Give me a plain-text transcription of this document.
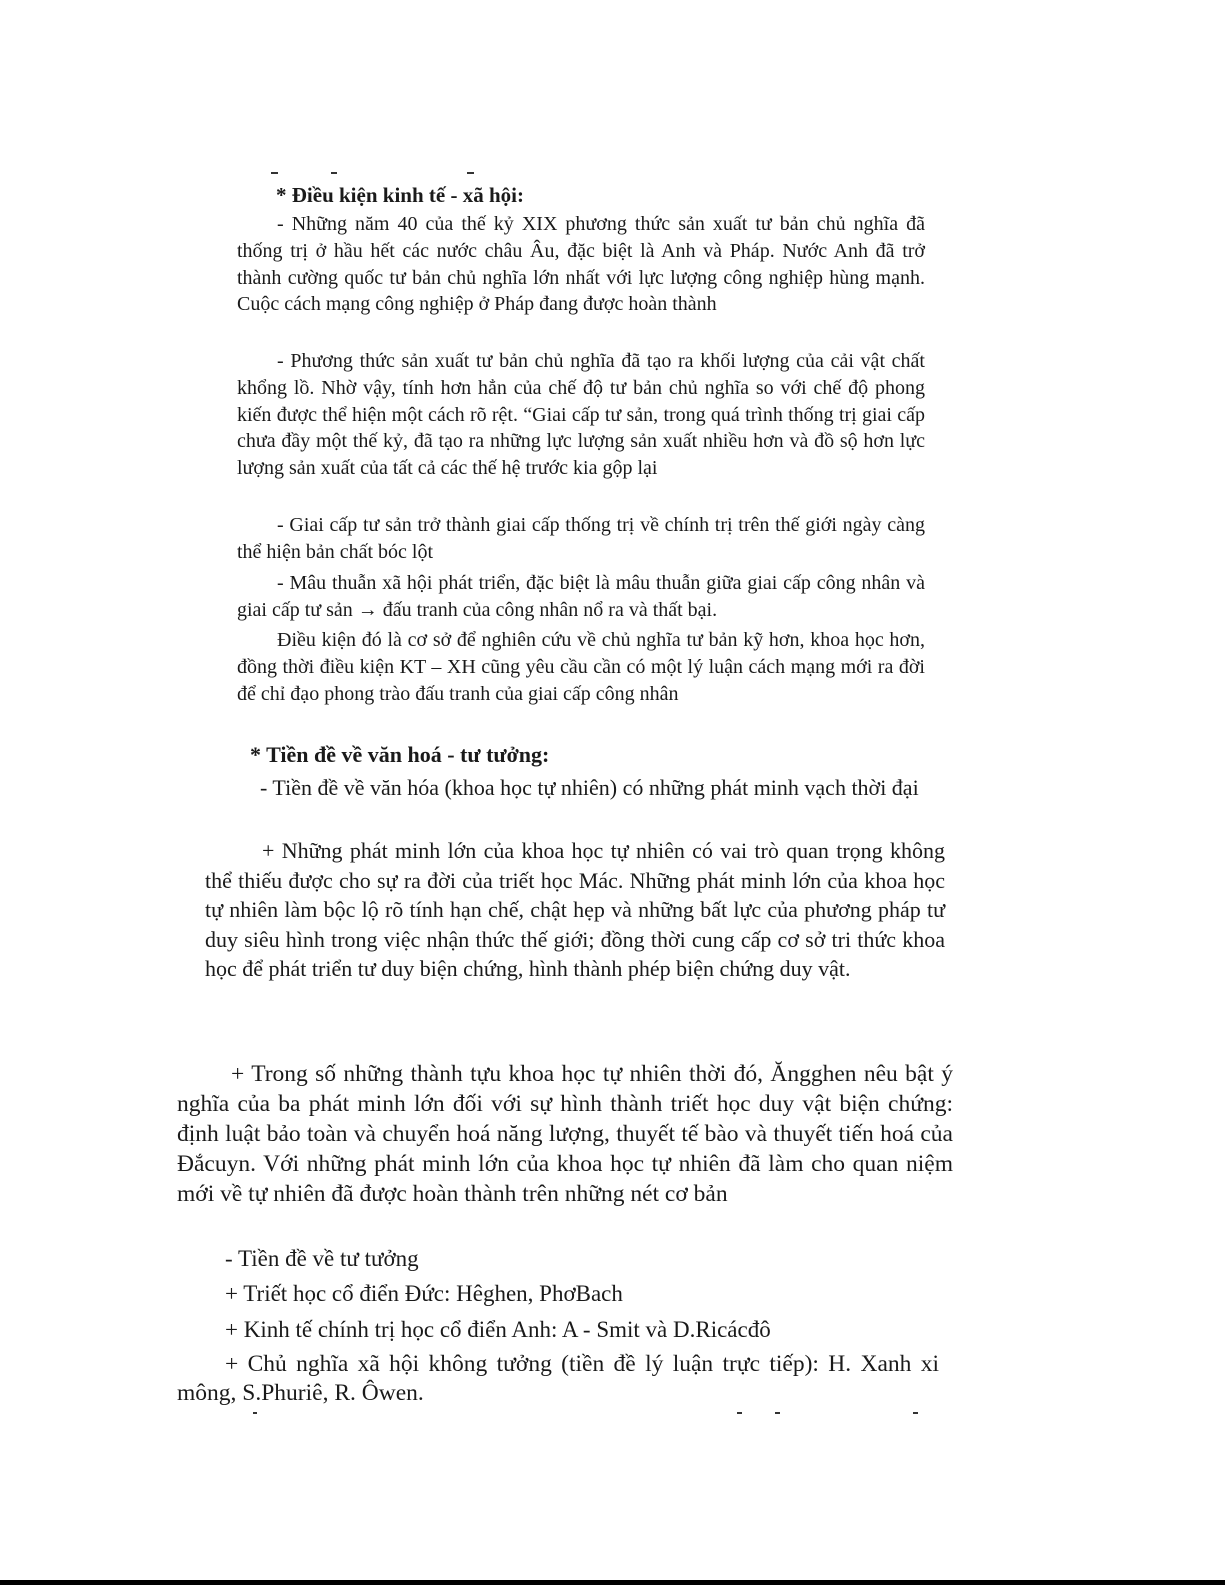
* Điều kiện kinh tế - xã hội:

- Những năm 40 của thế kỷ XIX phương thức sản xuất tư bản chủ nghĩa đã thống trị ở hầu hết các nước châu Âu, đặc biệt là Anh và Pháp. Nước Anh đã trở thành cường quốc tư bản chủ nghĩa lớn nhất với lực lượng công nghiệp hùng mạnh. Cuộc cách mạng công nghiệp ở Pháp đang được hoàn thành

- Phương thức sản xuất tư bản chủ nghĩa đã tạo ra khối lượng của cải vật chất khổng lồ. Nhờ vậy, tính hơn hẳn của chế độ tư bản chủ nghĩa so với chế độ phong kiến được thể hiện một cách rõ rệt. “Giai cấp tư sản, trong quá trình thống trị giai cấp chưa đầy một thế kỷ, đã tạo ra những lực lượng sản xuất nhiều hơn và đồ sộ hơn lực lượng sản xuất của tất cả các thế hệ trước kia gộp lại

- Giai cấp tư sản trở thành giai cấp thống trị về chính trị trên thế giới ngày càng thể hiện bản chất bóc lột

- Mâu thuẫn xã hội phát triển, đặc biệt là mâu thuẫn giữa giai cấp công nhân và giai cấp tư sản → đấu tranh của công nhân nổ ra và thất bại.

Điều kiện đó là cơ sở để nghiên cứu về chủ nghĩa tư bản kỹ hơn, khoa học hơn, đồng thời điều kiện KT – XH cũng yêu cầu cần có một lý luận cách mạng mới ra đời để chỉ đạo phong trào đấu tranh của giai cấp công nhân

* Tiền đề về văn hoá - tư tưởng:

- Tiền đề về văn hóa (khoa học tự nhiên) có những phát minh vạch thời đại

+ Những phát minh lớn của khoa học tự nhiên có vai trò quan trọng không thể thiếu được cho sự ra đời của triết học Mác. Những phát minh lớn của khoa học tự nhiên làm bộc lộ rõ tính hạn chế, chật hẹp và những bất lực của phương pháp tư duy siêu hình trong việc nhận thức thế giới; đồng thời cung cấp cơ sở tri thức khoa học để phát triển tư duy biện chứng, hình thành phép biện chứng duy vật.

+ Trong số những thành tựu khoa học tự nhiên thời đó, Ăngghen nêu bật ý nghĩa của ba phát minh lớn đối với sự hình thành triết học duy vật biện chứng: định luật bảo toàn và chuyển hoá năng lượng, thuyết tế bào và thuyết tiến hoá của Đắcuyn. Với những phát minh lớn của khoa học tự nhiên đã làm cho quan niệm mới về tự nhiên đã được hoàn thành trên những nét cơ bản

- Tiền đề về tư tưởng
+ Triết học cổ điển Đức: Hêghen, PhơBach
+ Kinh tế chính trị học cổ điển Anh: A - Smit và D.Ricácđô

+ Chủ nghĩa xã hội không tưởng (tiền đề lý luận trực tiếp): H. Xanh xi mông, S.Phuriê, R. Ôwen.
